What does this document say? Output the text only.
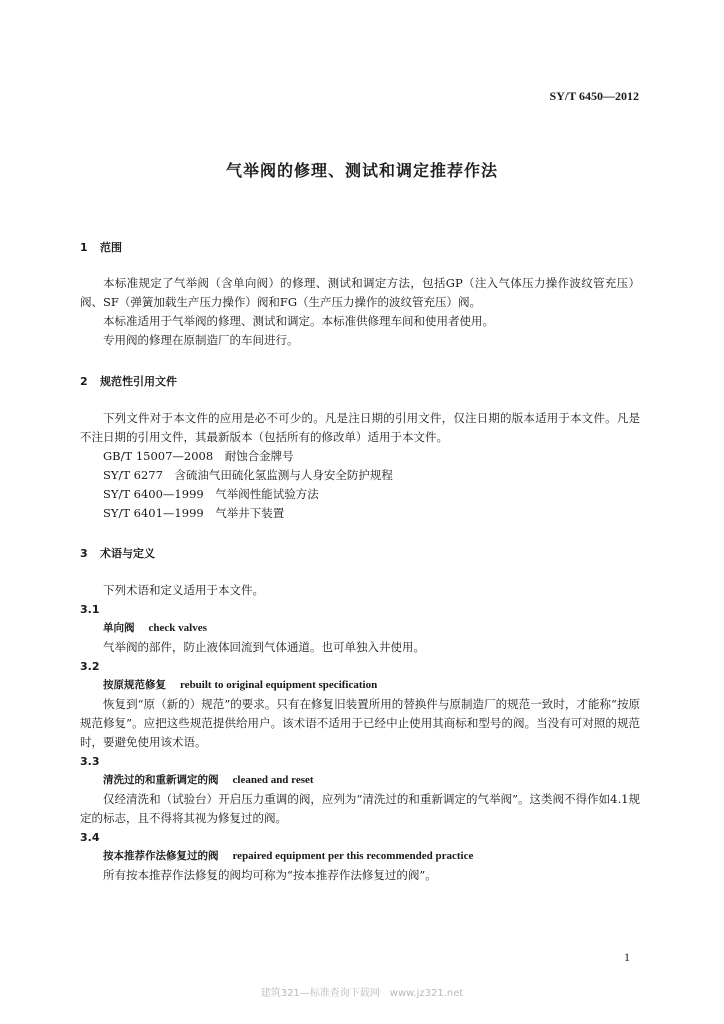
SY/T 6450—2012
气举阀的修理、测试和调定推荐作法
1 范围
本标准规定了气举阀（含单向阀）的修理、测试和调定方法，包括GP（注入气体压力操作波纹管充压）阀、SF（弹簧加载生产压力操作）阀和FG（生产压力操作的波纹管充压）阀。
本标准适用于气举阀的修理、测试和调定。本标准供修理车间和使用者使用。
专用阀的修理在原制造厂的车间进行。
2 规范性引用文件
下列文件对于本文件的应用是必不可少的。凡是注日期的引用文件，仅注日期的版本适用于本文件。凡是不注日期的引用文件，其最新版本（包括所有的修改单）适用于本文件。
GB/T 15007—2008　耐蚀合金牌号
SY/T 6277　含硫油气田硫化氢监测与人身安全防护规程
SY/T 6400—1999　气举阀性能试验方法
SY/T 6401—1999　气举井下装置
3 术语与定义
下列术语和定义适用于本文件。
3.1
单向阀 check valves
气举阀的部件，防止液体回流到气体通道。也可单独入井使用。
3.2
按原规范修复 rebuilt to original equipment specification
恢复到“原（新的）规范”的要求。只有在修复旧装置所用的替换件与原制造厂的规范一致时，才能称“按原规范修复”。应把这些规范提供给用户。该术语不适用于已经中止使用其商标和型号的阀。当没有可对照的规范时，要避免使用该术语。
3.3
清洗过的和重新调定的阀 cleaned and reset
仅经清洗和（试验台）开启压力重调的阀，应列为“清洗过的和重新调定的气举阀”。这类阀不得作如4.1规定的标志，且不得将其视为修复过的阀。
3.4
按本推荐作法修复过的阀 repaired equipment per this recommended practice
所有按本推荐作法修复的阀均可称为“按本推荐作法修复过的阀”。
1
建筑321—标准查询下载网　www.jz321.net
